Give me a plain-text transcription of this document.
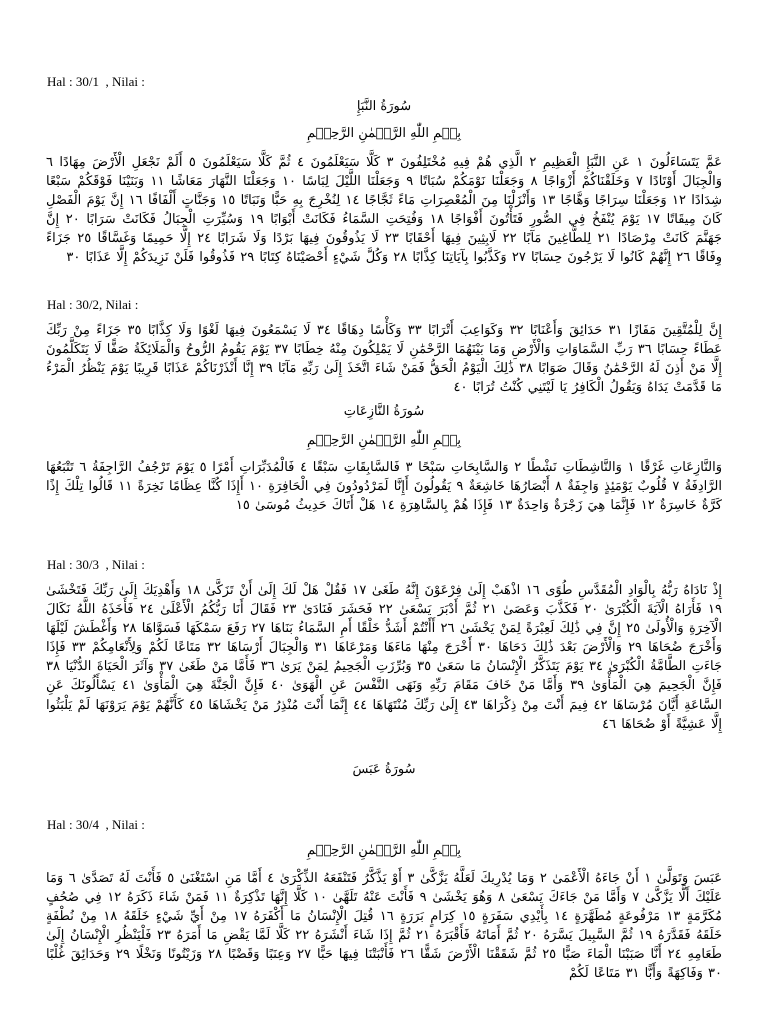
Hal : 30/1  , Nilai :
سُورَةُ النَّبَإِ
بِسۡمِ اللّٰهِ الرَّحۡمٰنِ الرَّحِيۡمِ
عَمَّ يَتَسَاءَلُونَ ١ عَنِ النَّبَإِ الْعَظِيمِ ٢ الَّذِي هُمْ فِيهِ مُخْتَلِفُونَ ٣ كَلَّا سَيَعْلَمُونَ ٤ ثُمَّ كَلَّا سَيَعْلَمُونَ ٥ أَلَمْ نَجْعَلِ الْأَرْضَ مِهَادًا ٦ وَالْجِبَالَ أَوْتَادًا ٧ وَخَلَقْنَاكُمْ أَزْوَاجًا ٨ وَجَعَلْنَا نَوْمَكُمْ سُبَاتًا ٩ وَجَعَلْنَا اللَّيْلَ لِبَاسًا ١٠ وَجَعَلْنَا النَّهَارَ مَعَاشًا ١١ وَبَنَيْنَا فَوْقَكُمْ سَبْعًا شِدَادًا ١٢ وَجَعَلْنَا سِرَاجًا وَهَّاجًا ١٣ وَأَنْزَلْنَا مِنَ الْمُعْصِرَاتِ مَاءً ثَجَّاجًا ١٤ لِنُخْرِجَ بِهِ حَبًّا وَنَبَاتًا ١٥ وَجَنَّاتٍ أَلْفَافًا ١٦ إِنَّ يَوْمَ الْفَصْلِ كَانَ مِيقَاتًا ١٧ يَوْمَ يُنْفَخُ فِي الصُّورِ فَتَأْتُونَ أَفْوَاجًا ١٨ وَفُتِحَتِ السَّمَاءُ فَكَانَتْ أَبْوَابًا ١٩ وَسُيِّرَتِ الْجِبَالُ فَكَانَتْ سَرَابًا ٢٠ إِنَّ جَهَنَّمَ كَانَتْ مِرْصَادًا ٢١ لِلطَّاغِينَ مَآبًا ٢٢ لَابِثِينَ فِيهَا أَحْقَابًا ٢٣ لَا يَذُوقُونَ فِيهَا بَرْدًا وَلَا شَرَابًا ٢٤ إِلَّا حَمِيمًا وَغَسَّاقًا ٢٥ جَزَاءً وِفَاقًا ٢٦ إِنَّهُمْ كَانُوا لَا يَرْجُونَ حِسَابًا ٢٧ وَكَذَّبُوا بِآيَاتِنَا كِذَّابًا ٢٨ وَكُلَّ شَيْءٍ أَحْصَيْنَاهُ كِتَابًا ٢٩ فَذُوقُوا فَلَنْ نَزِيدَكُمْ إِلَّا عَذَابًا ٣٠
Hal : 30/2, Nilai :
إِنَّ لِلْمُتَّقِينَ مَفَازًا ٣١ حَدَائِقَ وَأَعْنَابًا ٣٢ وَكَوَاعِبَ أَتْرَابًا ٣٣ وَكَأْسًا دِهَاقًا ٣٤ لَا يَسْمَعُونَ فِيهَا لَغْوًا وَلَا كِذَّابًا ٣٥ جَزَاءً مِنْ رَبِّكَ عَطَاءً حِسَابًا ٣٦ رَبِّ السَّمَاوَاتِ وَالْأَرْضِ وَمَا بَيْنَهُمَا الرَّحْمَٰنِ لَا يَمْلِكُونَ مِنْهُ خِطَابًا ٣٧ يَوْمَ يَقُومُ الرُّوحُ وَالْمَلَائِكَةُ صَفًّا لَا يَتَكَلَّمُونَ إِلَّا مَنْ أَذِنَ لَهُ الرَّحْمَٰنُ وَقَالَ صَوَابًا ٣٨ ذَٰلِكَ الْيَوْمُ الْحَقُّ فَمَنْ شَاءَ اتَّخَذَ إِلَىٰ رَبِّهِ مَآبًا ٣٩ إِنَّا أَنْذَرْنَاكُمْ عَذَابًا قَرِيبًا يَوْمَ يَنْظُرُ الْمَرْءُ مَا قَدَّمَتْ يَدَاهُ وَيَقُولُ الْكَافِرُ يَا لَيْتَنِي كُنْتُ تُرَابًا ٤٠
سُورَةُ النَّازِعَاتِ
بِسۡمِ اللّٰهِ الرَّحۡمٰنِ الرَّحِيۡمِ
وَالنَّازِعَاتِ غَرْقًا ١ وَالنَّاشِطَاتِ نَشْطًا ٢ وَالسَّابِحَاتِ سَبْحًا ٣ فَالسَّابِقَاتِ سَبْقًا ٤ فَالْمُدَبِّرَاتِ أَمْرًا ٥ يَوْمَ تَرْجُفُ الرَّاجِفَةُ ٦ تَتْبَعُهَا الرَّادِفَةُ ٧ قُلُوبٌ يَوْمَئِذٍ وَاجِفَةٌ ٨ أَبْصَارُهَا خَاشِعَةٌ ٩ يَقُولُونَ أَإِنَّا لَمَرْدُودُونَ فِي الْحَافِرَةِ ١٠ أَإِذَا كُنَّا عِظَامًا نَخِرَةً ١١ قَالُوا تِلْكَ إِذًا كَرَّةٌ خَاسِرَةٌ ١٢ فَإِنَّمَا هِيَ زَجْرَةٌ وَاحِدَةٌ ١٣ فَإِذَا هُمْ بِالسَّاهِرَةِ ١٤ هَلْ أَتَاكَ حَدِيثُ مُوسَىٰ ١٥
Hal : 30/3  , Nilai :
إِذْ نَادَاهُ رَبُّهُ بِالْوَادِ الْمُقَدَّسِ طُوًى ١٦ اذْهَبْ إِلَىٰ فِرْعَوْنَ إِنَّهُ طَغَىٰ ١٧ فَقُلْ هَلْ لَكَ إِلَىٰ أَنْ تَزَكَّىٰ ١٨ وَأَهْدِيَكَ إِلَىٰ رَبِّكَ فَتَخْشَىٰ ١٩ فَأَرَاهُ الْآيَةَ الْكُبْرَىٰ ٢٠ فَكَذَّبَ وَعَصَىٰ ٢١ ثُمَّ أَدْبَرَ يَسْعَىٰ ٢٢ فَحَشَرَ فَنَادَىٰ ٢٣ فَقَالَ أَنَا رَبُّكُمُ الْأَعْلَىٰ ٢٤ فَأَخَذَهُ اللَّهُ نَكَالَ الْآخِرَةِ وَالْأُولَىٰ ٢٥ إِنَّ فِي ذَٰلِكَ لَعِبْرَةً لِمَنْ يَخْشَىٰ ٢٦ أَأَنْتُمْ أَشَدُّ خَلْقًا أَمِ السَّمَاءُ بَنَاهَا ٢٧ رَفَعَ سَمْكَهَا فَسَوَّاهَا ٢٨ وَأَغْطَشَ لَيْلَهَا وَأَخْرَجَ ضُحَاهَا ٢٩ وَالْأَرْضَ بَعْدَ ذَٰلِكَ دَحَاهَا ٣٠ أَخْرَجَ مِنْهَا مَاءَهَا وَمَرْعَاهَا ٣١ وَالْجِبَالَ أَرْسَاهَا ٣٢ مَتَاعًا لَكُمْ وَلِأَنْعَامِكُمْ ٣٣ فَإِذَا جَاءَتِ الطَّامَّةُ الْكُبْرَىٰ ٣٤ يَوْمَ يَتَذَكَّرُ الْإِنْسَانُ مَا سَعَىٰ ٣٥ وَبُرِّزَتِ الْجَحِيمُ لِمَنْ يَرَىٰ ٣٦ فَأَمَّا مَنْ طَغَىٰ ٣٧ وَآثَرَ الْحَيَاةَ الدُّنْيَا ٣٨ فَإِنَّ الْجَحِيمَ هِيَ الْمَأْوَىٰ ٣٩ وَأَمَّا مَنْ خَافَ مَقَامَ رَبِّهِ وَنَهَى النَّفْسَ عَنِ الْهَوَىٰ ٤٠ فَإِنَّ الْجَنَّةَ هِيَ الْمَأْوَىٰ ٤١ يَسْأَلُونَكَ عَنِ السَّاعَةِ أَيَّانَ مُرْسَاهَا ٤٢ فِيمَ أَنْتَ مِنْ ذِكْرَاهَا ٤٣ إِلَىٰ رَبِّكَ مُنْتَهَاهَا ٤٤ إِنَّمَا أَنْتَ مُنْذِرُ مَنْ يَخْشَاهَا ٤٥ كَأَنَّهُمْ يَوْمَ يَرَوْنَهَا لَمْ يَلْبَثُوا إِلَّا عَشِيَّةً أَوْ ضُحَاهَا ٤٦
سُورَةُ عَبَسَ
Hal : 30/4  , Nilai :
بِسۡمِ اللّٰهِ الرَّحۡمٰنِ الرَّحِيۡمِ
عَبَسَ وَتَوَلَّىٰ ١ أَنْ جَاءَهُ الْأَعْمَىٰ ٢ وَمَا يُدْرِيكَ لَعَلَّهُ يَزَّكَّىٰ ٣ أَوْ يَذَّكَّرُ فَتَنْفَعَهُ الذِّكْرَىٰ ٤ أَمَّا مَنِ اسْتَغْنَىٰ ٥ فَأَنْتَ لَهُ تَصَدَّىٰ ٦ وَمَا عَلَيْكَ أَلَّا يَزَّكَّىٰ ٧ وَأَمَّا مَنْ جَاءَكَ يَسْعَىٰ ٨ وَهُوَ يَخْشَىٰ ٩ فَأَنْتَ عَنْهُ تَلَهَّىٰ ١٠ كَلَّا إِنَّهَا تَذْكِرَةٌ ١١ فَمَنْ شَاءَ ذَكَرَهُ ١٢ فِي صُحُفٍ مُكَرَّمَةٍ ١٣ مَرْفُوعَةٍ مُطَهَّرَةٍ ١٤ بِأَيْدِي سَفَرَةٍ ١٥ كِرَامٍ بَرَرَةٍ ١٦ قُتِلَ الْإِنْسَانُ مَا أَكْفَرَهُ ١٧ مِنْ أَيِّ شَيْءٍ خَلَقَهُ ١٨ مِنْ نُطْفَةٍ خَلَقَهُ فَقَدَّرَهُ ١٩ ثُمَّ السَّبِيلَ يَسَّرَهُ ٢٠ ثُمَّ أَمَاتَهُ فَأَقْبَرَهُ ٢١ ثُمَّ إِذَا شَاءَ أَنْشَرَهُ ٢٢ كَلَّا لَمَّا يَقْضِ مَا أَمَرَهُ ٢٣ فَلْيَنْظُرِ الْإِنْسَانُ إِلَىٰ طَعَامِهِ ٢٤ أَنَّا صَبَبْنَا الْمَاءَ صَبًّا ٢٥ ثُمَّ شَقَقْنَا الْأَرْضَ شَقًّا ٢٦ فَأَنْبَتْنَا فِيهَا حَبًّا ٢٧ وَعِنَبًا وَقَضْبًا ٢٨ وَزَيْتُونًا وَنَخْلًا ٢٩ وَحَدَائِقَ غُلْبًا ٣٠ وَفَاكِهَةً وَأَبًّا ٣١ مَتَاعًا لَكُمْ
